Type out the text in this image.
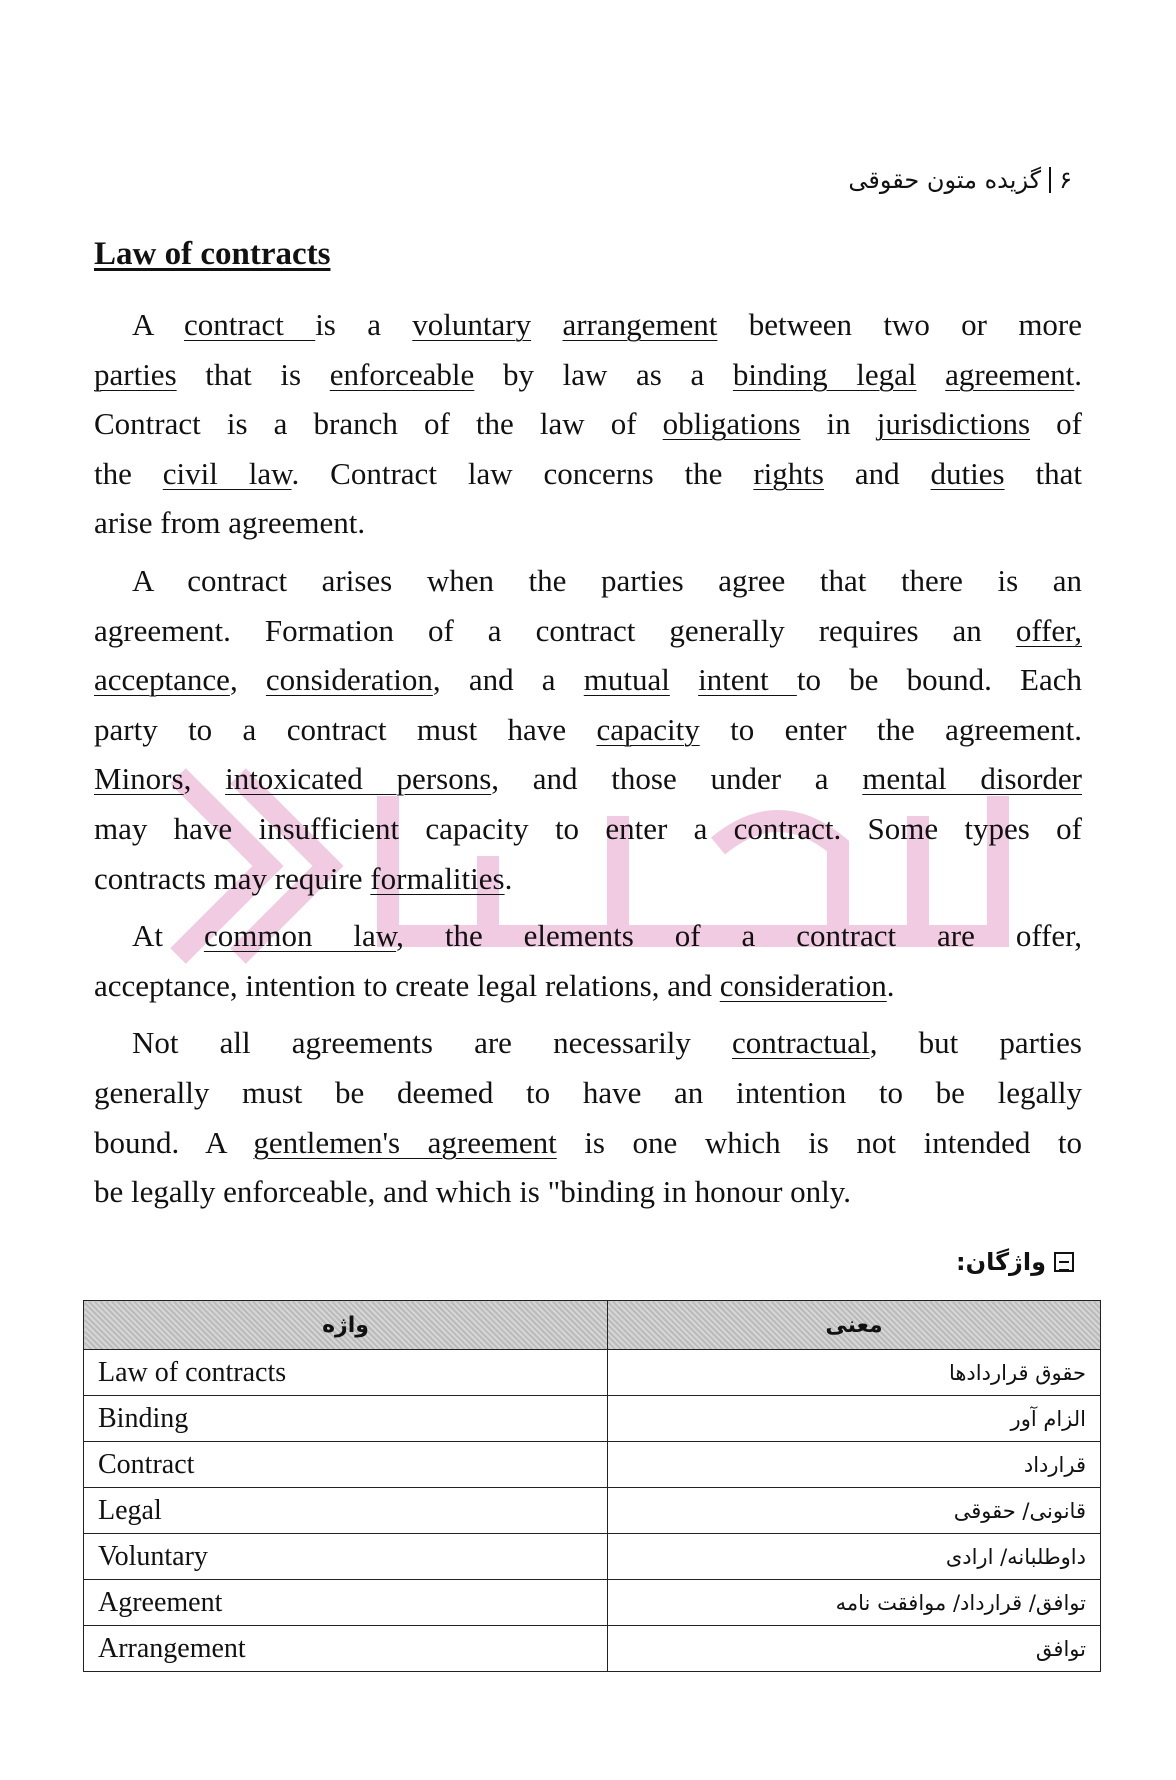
۶گزیده متون حقوقی
Law of contracts
A contract is a voluntary arrangement between two or more
parties that is enforceable by law as a binding legal agreement.
Contract is a branch of the law of obligations in jurisdictions of
the civil law. Contract law concerns the rights and duties that
arise from agreement.
A contract arises when the parties agree that there is an
agreement. Formation of a contract generally requires an offer,
acceptance, consideration, and a mutual intent to be bound. Each
party to a contract must have capacity to enter the agreement.
Minors, intoxicated persons, and those under a mental disorder
may have insufficient capacity to enter a contract. Some types of
contracts may require formalities.
At common law, the elements of a contract are offer,
acceptance, intention to create legal relations, and consideration.
Not all agreements are necessarily contractual, but parties
generally must be deemed to have an intention to be legally
bound. A gentlemen's agreement is one which is not intended to
be legally enforceable, and which is "binding in honour only.
واژگان:
واژه	معنی
Law of contracts	حقوق قراردادها
Binding	الزام آور
Contract	قرارداد
Legal	قانونی/ حقوقی
Voluntary	داوطلبانه/ ارادی
Agreement	توافق/ قرارداد/ موافقت نامه
Arrangement	توافق
